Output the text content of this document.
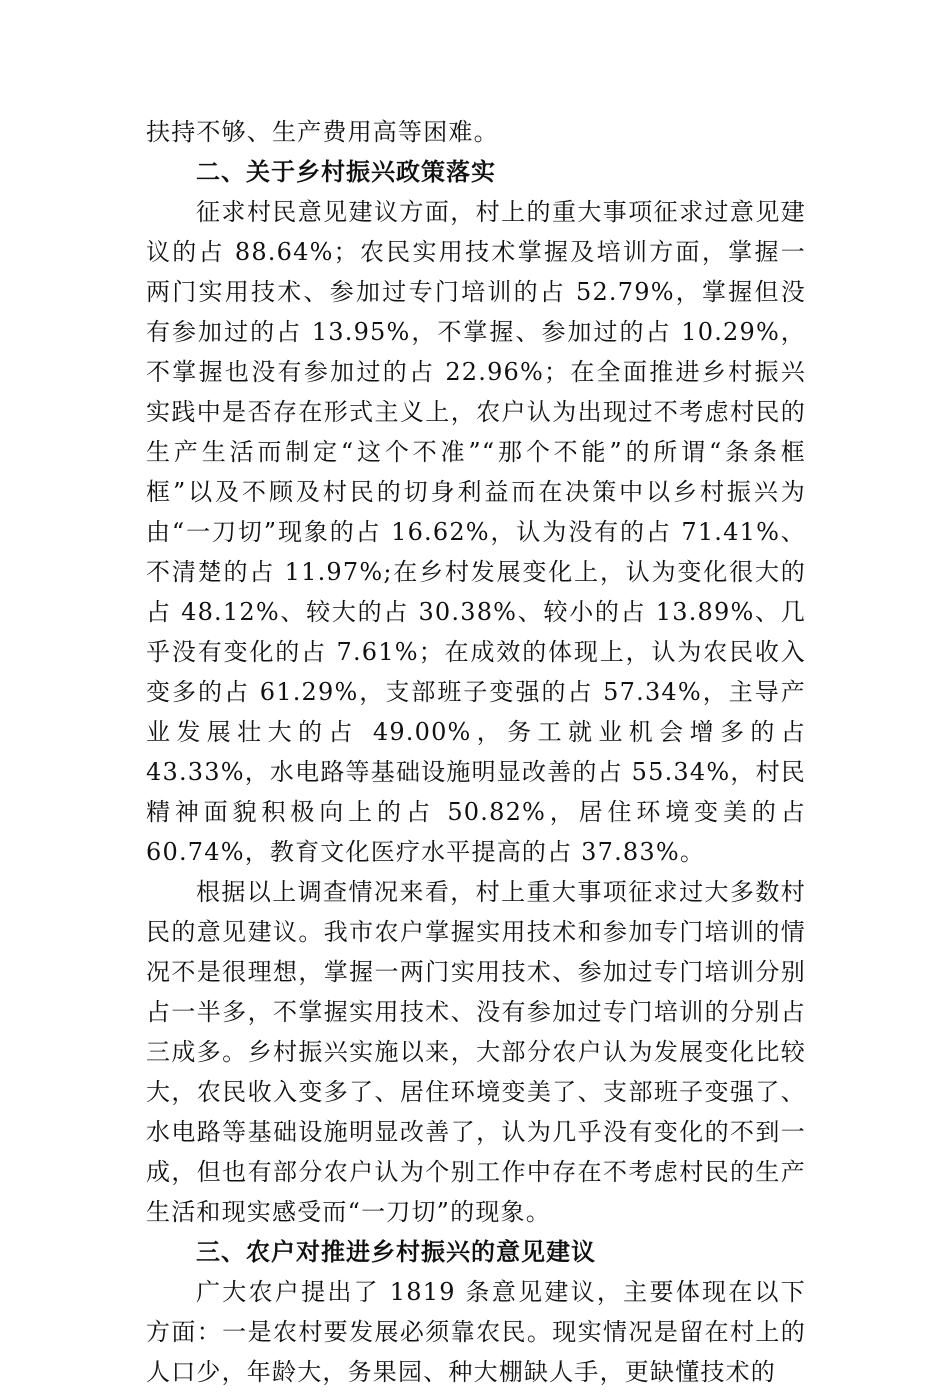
扶持不够、生产费用高等困难。

二、关于乡村振兴政策落实

征求村民意见建议方面，村上的重大事项征求过意见建议的占 88.64%；农民实用技术掌握及培训方面，掌握一两门实用技术、参加过专门培训的占 52.79%，掌握但没有参加过的占 13.95%，不掌握、参加过的占 10.29%，不掌握也没有参加过的占 22.96%；在全面推进乡村振兴实践中是否存在形式主义上，农户认为出现过不考虑村民的生产生活而制定“这个不准”“那个不能”的所谓“条条框框”以及不顾及村民的切身利益而在决策中以乡村振兴为由“一刀切”现象的占 16.62%，认为没有的占 71.41%、不清楚的占 11.97%;在乡村发展变化上，认为变化很大的占 48.12%、较大的占 30.38%、较小的占 13.89%、几乎没有变化的占 7.61%；在成效的体现上，认为农民收入变多的占 61.29%，支部班子变强的占 57.34%，主导产业发展壮大的占 49.00%，务工就业机会增多的占 43.33%，水电路等基础设施明显改善的占 55.34%，村民精神面貌积极向上的占 50.82%，居住环境变美的占 60.74%，教育文化医疗水平提高的占 37.83%。

根据以上调查情况来看，村上重大事项征求过大多数村民的意见建议。我市农户掌握实用技术和参加专门培训的情况不是很理想，掌握一两门实用技术、参加过专门培训分别占一半多，不掌握实用技术、没有参加过专门培训的分别占三成多。乡村振兴实施以来，大部分农户认为发展变化比较大，农民收入变多了、居住环境变美了、支部班子变强了、水电路等基础设施明显改善了，认为几乎没有变化的不到一成，但也有部分农户认为个别工作中存在不考虑村民的生产生活和现实感受而“一刀切”的现象。

三、农户对推进乡村振兴的意见建议

广大农户提出了 1819 条意见建议，主要体现在以下方面：一是农村要发展必须靠农民。现实情况是留在村上的人口少，年龄大，务果园、种大棚缺人手，更缺懂技术的
